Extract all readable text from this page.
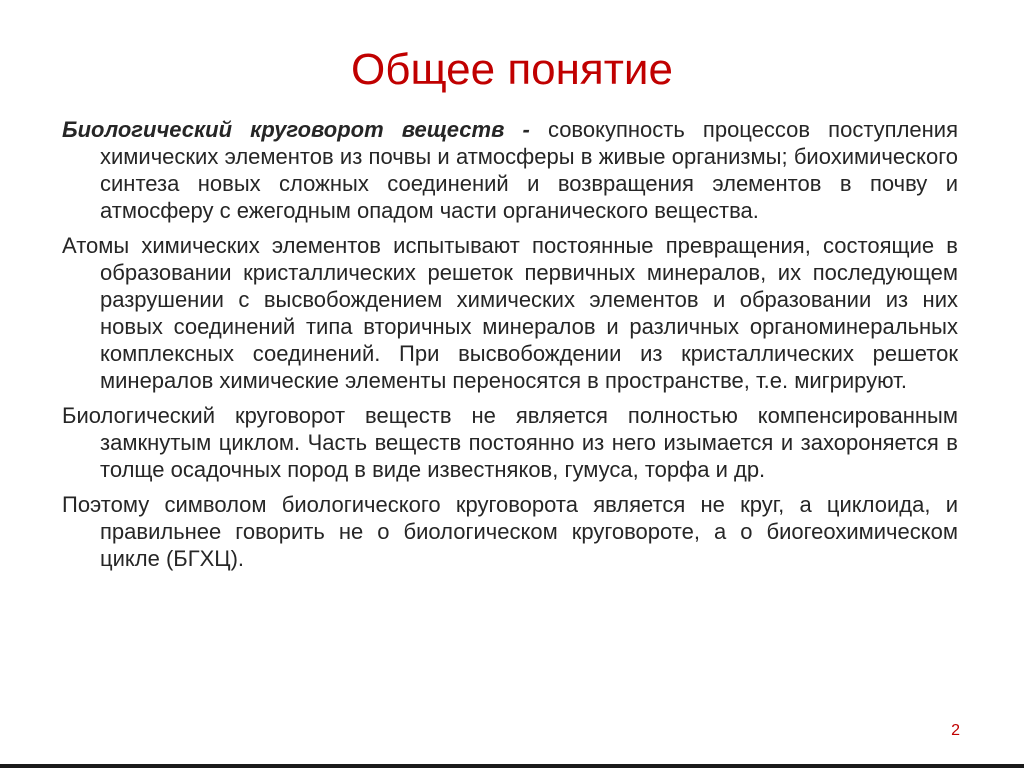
Общее понятие

Биологический круговорот веществ - совокупность процессов поступления химических элементов из почвы и атмосферы в живые организмы; биохимического синтеза новых сложных соединений и возвращения элементов в почву и атмосферу с ежегодным опадом части органического вещества.

Атомы химических элементов испытывают постоянные превращения, состоящие в образовании кристаллических решеток первичных минералов, их последующем разрушении с высвобождением химических элементов и образовании из них новых соединений типа вторичных минералов и различных органоминеральных комплексных соединений. При высвобождении из кристаллических решеток минералов химические элементы переносятся в пространстве, т.е. мигрируют.

Биологический круговорот веществ не является полностью компенсированным замкнутым циклом. Часть веществ постоянно из него изымается и захороняется в толще осадочных пород в виде известняков, гумуса, торфа и др.

Поэтому символом биологического круговорота является не круг, а циклоида, и правильнее говорить не о биологическом круговороте, а о биогеохимическом цикле (БГХЦ).

2
